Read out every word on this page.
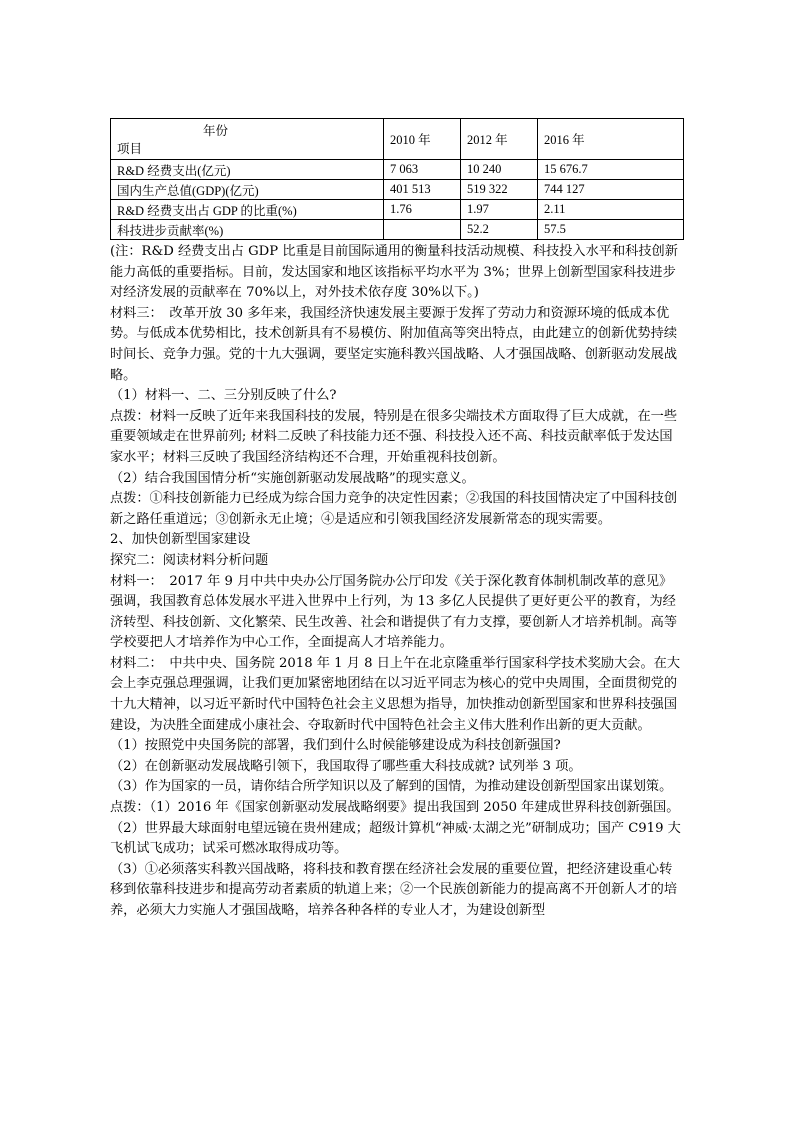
年份
项目	2010 年	2012 年	2016 年
R&D 经费支出(亿元)	7 063	10 240	15 676.7
国内生产总值(GDP)(亿元)	401 513	519 322	744 127
R&D 经费支出占 GDP 的比重(%)	1.76	1.97	2.11
科技进步贡献率(%)		52.2	57.5

(注：R&D 经费支出占 GDP 比重是目前国际通用的衡量科技活动规模、科技投入水平和科技创新能力高低的重要指标。目前，发达国家和地区该指标平均水平为 3%；世界上创新型国家科技进步对经济发展的贡献率在 70%以上，对外技术依存度 30%以下。)

材料三：　改革开放 30 多年来，我国经济快速发展主要源于发挥了劳动力和资源环境的低成本优势。与低成本优势相比，技术创新具有不易模仿、附加值高等突出特点，由此建立的创新优势持续时间长、竞争力强。党的十九大强调，要坚定实施科教兴国战略、人才强国战略、创新驱动发展战略。

（1）材料一、二、三分别反映了什么?

点拨：材料一反映了近年来我国科技的发展，特别是在很多尖端技术方面取得了巨大成就，在一些重要领域走在世界前列; 材料二反映了科技能力还不强、科技投入还不高、科技贡献率低于发达国家水平；材料三反映了我国经济结构还不合理，开始重视科技创新。

（2）结合我国国情分析“实施创新驱动发展战略”的现实意义。

点拨：①科技创新能力已经成为综合国力竞争的决定性因素；②我国的科技国情决定了中国科技创新之路任重道远；③创新永无止境；④是适应和引领我国经济发展新常态的现实需要。

2、加快创新型国家建设

探究二：阅读材料分析问题

材料一：　2017 年 9 月中共中央办公厅国务院办公厅印发《关于深化教育体制机制改革的意见》强调，我国教育总体发展水平进入世界中上行列，为 13 多亿人民提供了更好更公平的教育，为经济转型、科技创新、文化繁荣、民生改善、社会和谐提供了有力支撑，要创新人才培养机制。高等学校要把人才培养作为中心工作，全面提高人才培养能力。

材料二：　中共中央、国务院 2018 年 1 月 8 日上午在北京隆重举行国家科学技术奖励大会。在大会上李克强总理强调，让我们更加紧密地团结在以习近平同志为核心的党中央周围，全面贯彻党的十九大精神，以习近平新时代中国特色社会主义思想为指导，加快推动创新型国家和世界科技强国建设，为决胜全面建成小康社会、夺取新时代中国特色社会主义伟大胜利作出新的更大贡献。

（1）按照党中央国务院的部署，我们到什么时候能够建设成为科技创新强国?

（2）在创新驱动发展战略引领下，我国取得了哪些重大科技成就? 试列举 3 项。

（3）作为国家的一员，请你结合所学知识以及了解到的国情，为推动建设创新型国家出谋划策。

点拨：（1）2016 年《国家创新驱动发展战略纲要》提出我国到 2050 年建成世界科技创新强国。

（2）世界最大球面射电望远镜在贵州建成；超级计算机“神威·太湖之光”研制成功；国产 C919 大飞机试飞成功；试采可燃冰取得成功等。

（3）①必须落实科教兴国战略，将科技和教育摆在经济社会发展的重要位置，把经济建设重心转移到依靠科技进步和提高劳动者素质的轨道上来；②一个民族创新能力的提高离不开创新人才的培养，必须大力实施人才强国战略，培养各种各样的专业人才，为建设创新型
